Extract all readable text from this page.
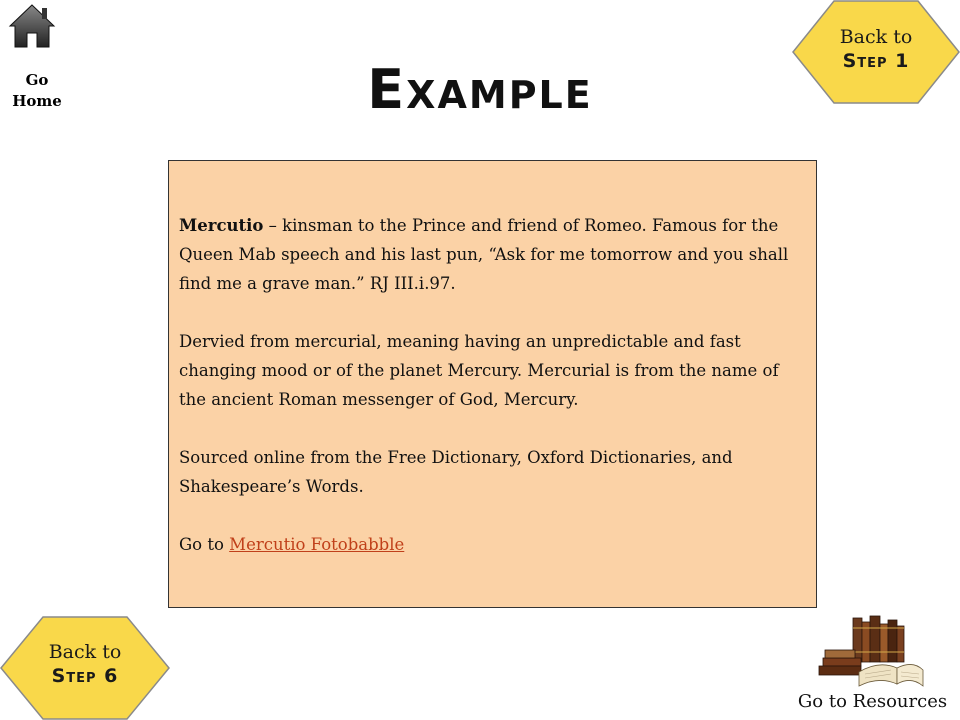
Go
Home	Example
Back to
Step 1

Mercutio – kinsman to the Prince and friend of Romeo. Famous for the Queen Mab speech and his last pun, “Ask for me tomorrow and you shall find me a grave man.” RJ III.i.97.

Dervied from mercurial, meaning having an unpredictable and fast changing mood or of the planet Mercury. Mercurial is from the name of the ancient Roman messenger of God, Mercury.

Sourced online from the Free Dictionary, Oxford Dictionaries, and Shakespeare’s Words.

Go to Mercutio Fotobabble

Back to
Step 6
Go to Resources
